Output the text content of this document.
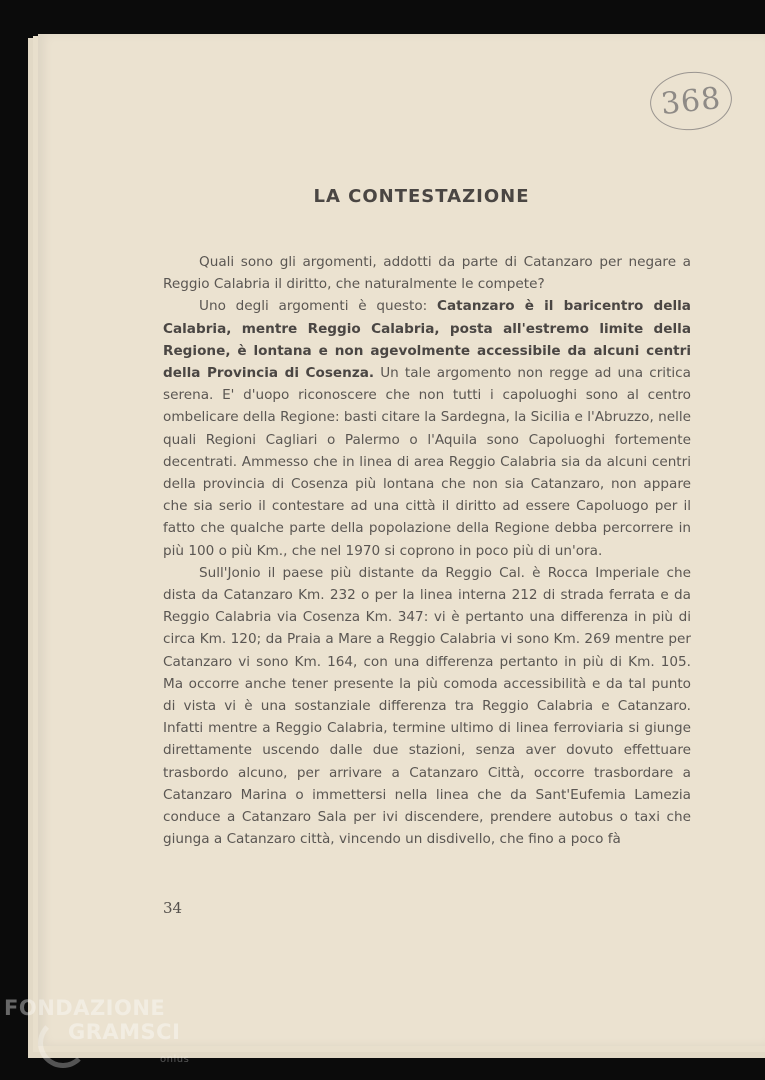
368
LA CONTESTAZIONE

Quali sono gli argomenti, addotti da parte di Catanzaro per negare a Reggio Calabria il diritto, che naturalmente le compete?

Uno degli argomenti è questo: Catanzaro è il baricentro della Calabria, mentre Reggio Calabria, posta all'estremo limite della Regione, è lontana e non agevolmente accessibile da alcuni centri della Provincia di Cosenza. Un tale argomento non regge ad una critica serena. E' d'uopo riconoscere che non tutti i capoluoghi sono al centro ombelicare della Regione: basti citare la Sardegna, la Sicilia e l'Abruzzo, nelle quali Regioni Cagliari o Palermo o l'Aquila sono Capoluoghi fortemente decentrati. Ammesso che in linea di area Reggio Calabria sia da alcuni centri della provincia di Cosenza più lontana che non sia Catanzaro, non appare che sia serio il contestare ad una città il diritto ad essere Capoluogo per il fatto che qualche parte della popolazione della Regione debba percorrere in più 100 o più Km., che nel 1970 si coprono in poco più di un'ora.

Sull'Jonio il paese più distante da Reggio Cal. è Rocca Imperiale che dista da Catanzaro Km. 232 o per la linea interna 212 di strada ferrata e da Reggio Calabria via Cosenza Km. 347: vi è pertanto una differenza in più di circa Km. 120; da Praia a Mare a Reggio Calabria vi sono Km. 269 mentre per Catanzaro vi sono Km. 164, con una differenza pertanto in più di Km. 105. Ma occorre anche tener presente la più comoda accessibilità e da tal punto di vista vi è una sostanziale differenza tra Reggio Calabria e Catanzaro. Infatti mentre a Reggio Calabria, termine ultimo di linea ferroviaria si giunge direttamente uscendo dalle due stazioni, senza aver dovuto effettuare trasbordo alcuno, per arrivare a Catanzaro Città, occorre trasbordare a Catanzaro Marina o immettersi nella linea che da Sant'Eufemia Lamezia conduce a Catanzaro Sala per ivi discendere, prendere autobus o taxi che giunga a Catanzaro città, vincendo un disdivello, che fino a poco fà

34
FONDAZIONE
GRAMSCI
onlus
